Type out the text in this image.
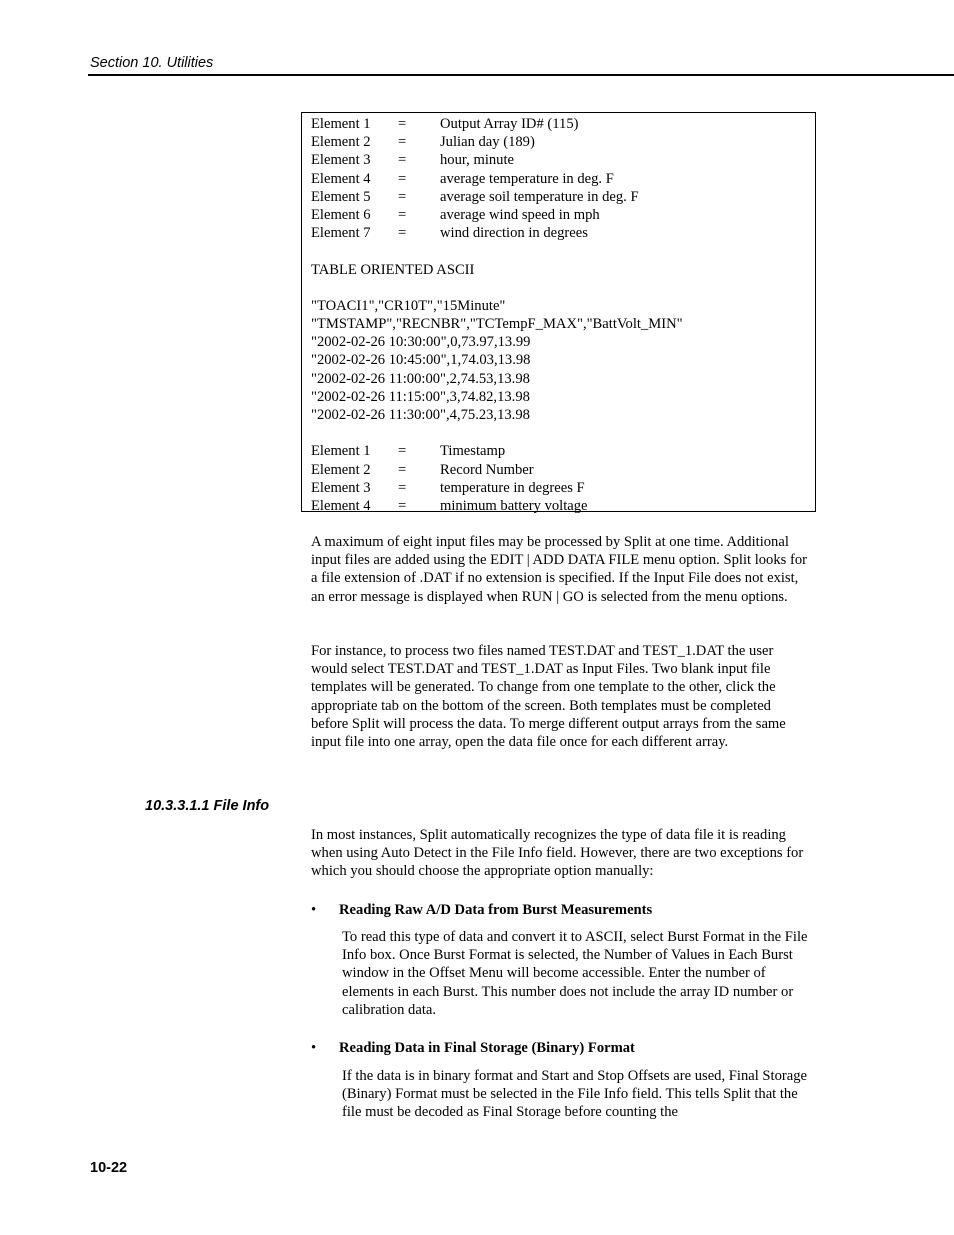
Section 10. Utilities
Element 1	=	Output Array ID# (115)
Element 2	=	Julian day (189)
Element 3	=	hour, minute
Element 4	=	average temperature in deg. F
Element 5	=	average soil temperature in deg. F
Element 6	=	average wind speed in mph
Element 7	=	wind direction in degrees
TABLE ORIENTED ASCII
"TOACI1","CR10T","15Minute"
"TMSTAMP","RECNBR","TCTempF_MAX","BattVolt_MIN"
"2002-02-26 10:30:00",0,73.97,13.99
"2002-02-26 10:45:00",1,74.03,13.98
"2002-02-26 11:00:00",2,74.53,13.98
"2002-02-26 11:15:00",3,74.82,13.98
"2002-02-26 11:30:00",4,75.23,13.98
Element 1	=	Timestamp
Element 2	=	Record Number
Element 3	=	temperature in degrees F
Element 4	=	minimum battery voltage

A maximum of eight input files may be processed by Split at one time. Additional input files are added using the EDIT | ADD DATA FILE menu option. Split looks for a file extension of .DAT if no extension is specified. If the Input File does not exist, an error message is displayed when RUN | GO is selected from the menu options.

For instance, to process two files named TEST.DAT and TEST_1.DAT the user would select TEST.DAT and TEST_1.DAT as Input Files. Two blank input file templates will be generated. To change from one template to the other, click the appropriate tab on the bottom of the screen. Both templates must be completed before Split will process the data. To merge different output arrays from the same input file into one array, open the data file once for each different array.

10.3.3.1.1 File Info

In most instances, Split automatically recognizes the type of data file it is reading when using Auto Detect in the File Info field. However, there are two exceptions for which you should choose the appropriate option manually:

•	Reading Raw A/D Data from Burst Measurements

To read this type of data and convert it to ASCII, select Burst Format in the File Info box. Once Burst Format is selected, the Number of Values in Each Burst window in the Offset Menu will become accessible. Enter the number of elements in each Burst. This number does not include the array ID number or calibration data.

•	Reading Data in Final Storage (Binary) Format

If the data is in binary format and Start and Stop Offsets are used, Final Storage (Binary) Format must be selected in the File Info field. This tells Split that the file must be decoded as Final Storage before counting the

10-22
